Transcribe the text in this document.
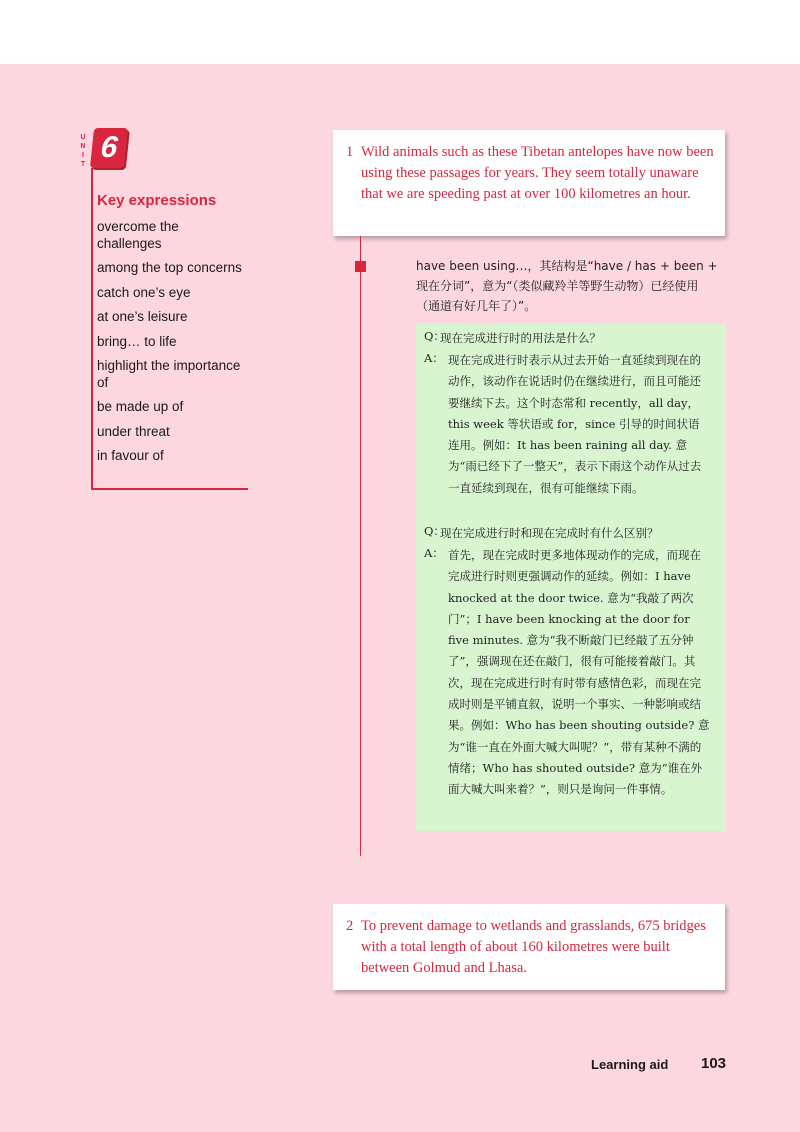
U
N
I
T
6
Key expressions
overcome the challenges
among the top concerns
catch one’s eye
at one’s leisure
bring… to life
highlight the importance of
be made up of
under threat
in favour of
1 Wild animals such as these Tibetan antelopes have now been using these passages for years. They seem totally unaware that we are speeding past at over 100 kilometres an hour.
have been using…，其结构是“have / has + been + 现在分词”，意为“（类似藏羚羊等野生动物）已经使用（通道有好几年了）”。
Q：
现在完成进行时的用法是什么？
A： 现在完成进行时表示从过去开始一直延续到现在的动作，该动作在说话时仍在继续进行，而且可能还要继续下去。这个时态常和 recently，all day，this week 等状语或 for，since 引导的时间状语连用。例如：It has been raining all day. 意为“雨已经下了一整天”，表示下雨这个动作从过去一直延续到现在，很有可能继续下雨。
Q：
现在完成进行时和现在完成时有什么区别？
A： 首先，现在完成时更多地体现动作的完成，而现在完成进行时则更强调动作的延续。例如：I have knocked at the door twice. 意为“我敲了两次门”；I have been knocking at the door for five minutes. 意为“我不断敲门已经敲了五分钟了”，强调现在还在敲门，很有可能接着敲门。其次，现在完成进行时有时带有感情色彩，而现在完成时则是平铺直叙，说明一个事实、一种影响或结果。例如：Who has been shouting outside? 意为“谁一直在外面大喊大叫呢？”，带有某种不满的情绪；Who has shouted outside? 意为“谁在外面大喊大叫来着？”，则只是询问一件事情。
2 To prevent damage to wetlands and grasslands, 675 bridges with a total length of about 160 kilometres were built between Golmud and Lhasa.
Learning aid 103
